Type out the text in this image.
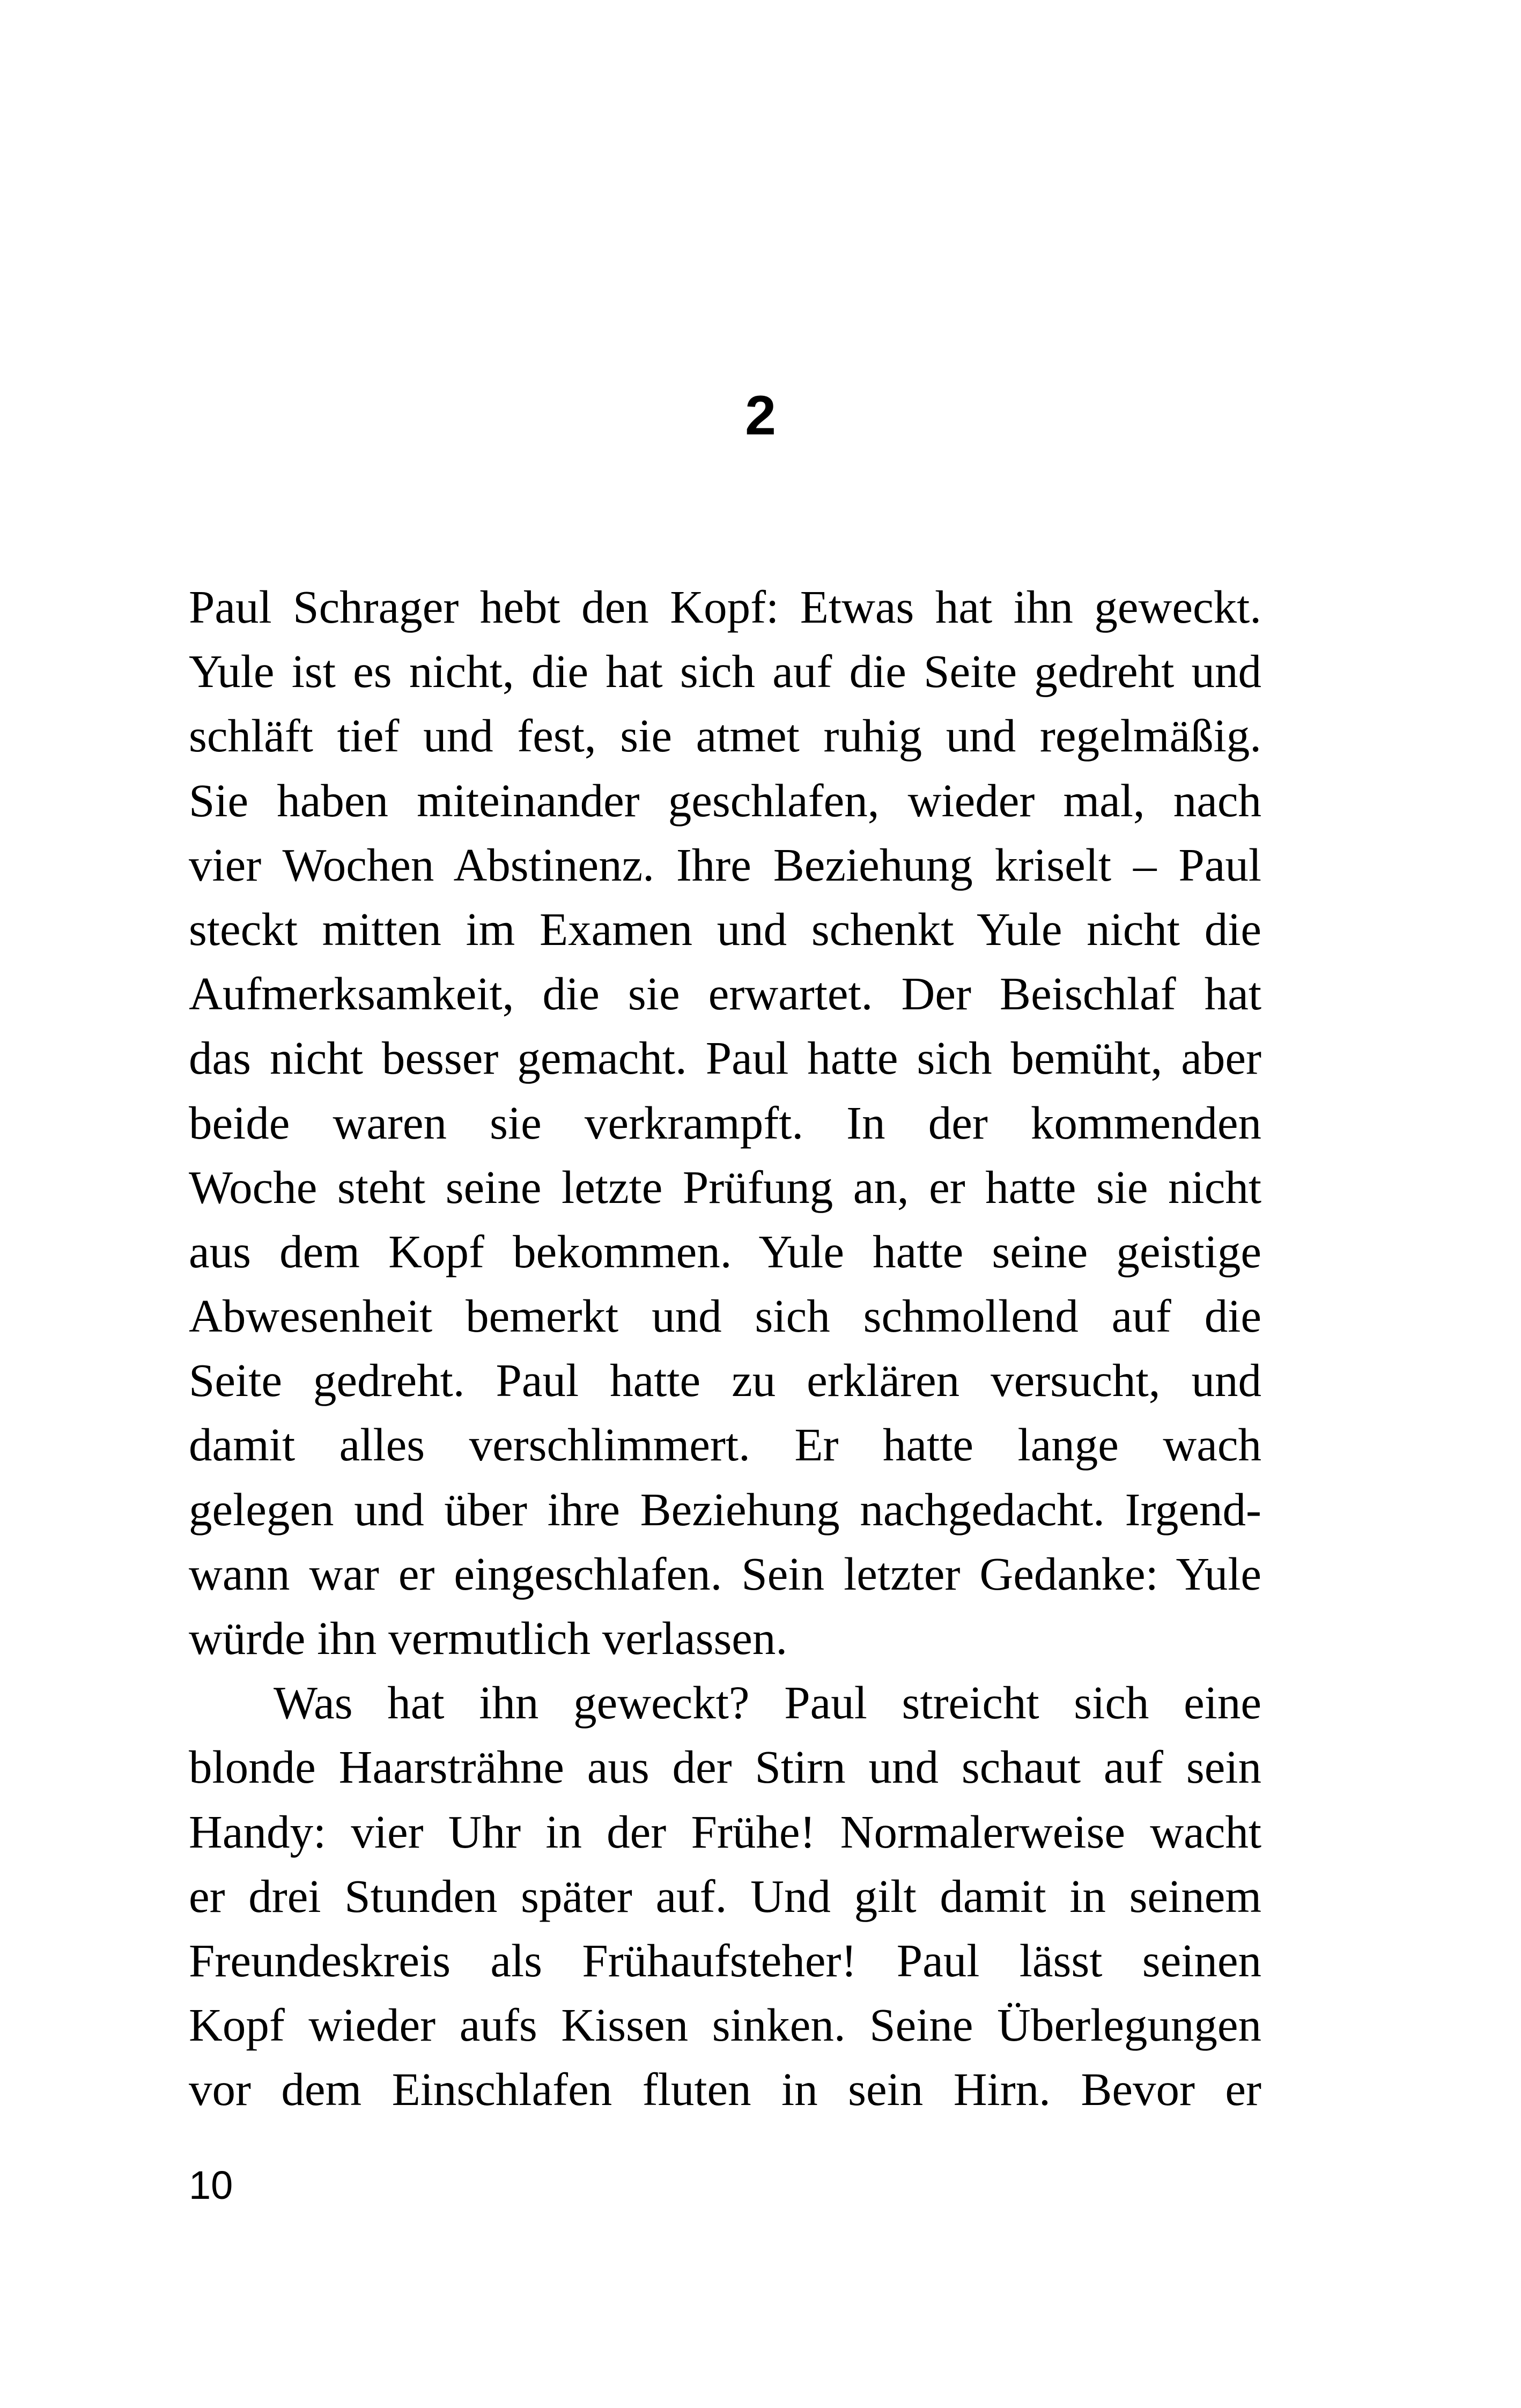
2
Paul Schrager hebt den Kopf: Etwas hat ihn geweckt.
Yule ist es nicht, die hat sich auf die Seite gedreht und
schläft tief und fest, sie atmet ruhig und regelmäßig.
Sie haben miteinander geschlafen, wieder mal, nach
vier Wochen Abstinenz. Ihre Beziehung kriselt – Paul
steckt mitten im Examen und schenkt Yule nicht die
Aufmerksamkeit, die sie erwartet. Der Beischlaf hat
das nicht besser gemacht. Paul hatte sich bemüht, aber
beide waren sie verkrampft. In der kommenden
Woche steht seine letzte Prüfung an, er hatte sie nicht
aus dem Kopf bekommen. Yule hatte seine geistige
Abwesenheit bemerkt und sich schmollend auf die
Seite gedreht. Paul hatte zu erklären versucht, und
damit alles verschlimmert. Er hatte lange wach
gelegen und über ihre Beziehung nachgedacht. Irgend-
wann war er eingeschlafen. Sein letzter Gedanke: Yule
würde ihn vermutlich verlassen.
Was hat ihn geweckt? Paul streicht sich eine
blonde Haarsträhne aus der Stirn und schaut auf sein
Handy: vier Uhr in der Frühe! Normalerweise wacht
er drei Stunden später auf. Und gilt damit in seinem
Freundeskreis als Frühaufsteher! Paul lässt seinen
Kopf wieder aufs Kissen sinken. Seine Überlegungen
vor dem Einschlafen fluten in sein Hirn. Bevor er
10
